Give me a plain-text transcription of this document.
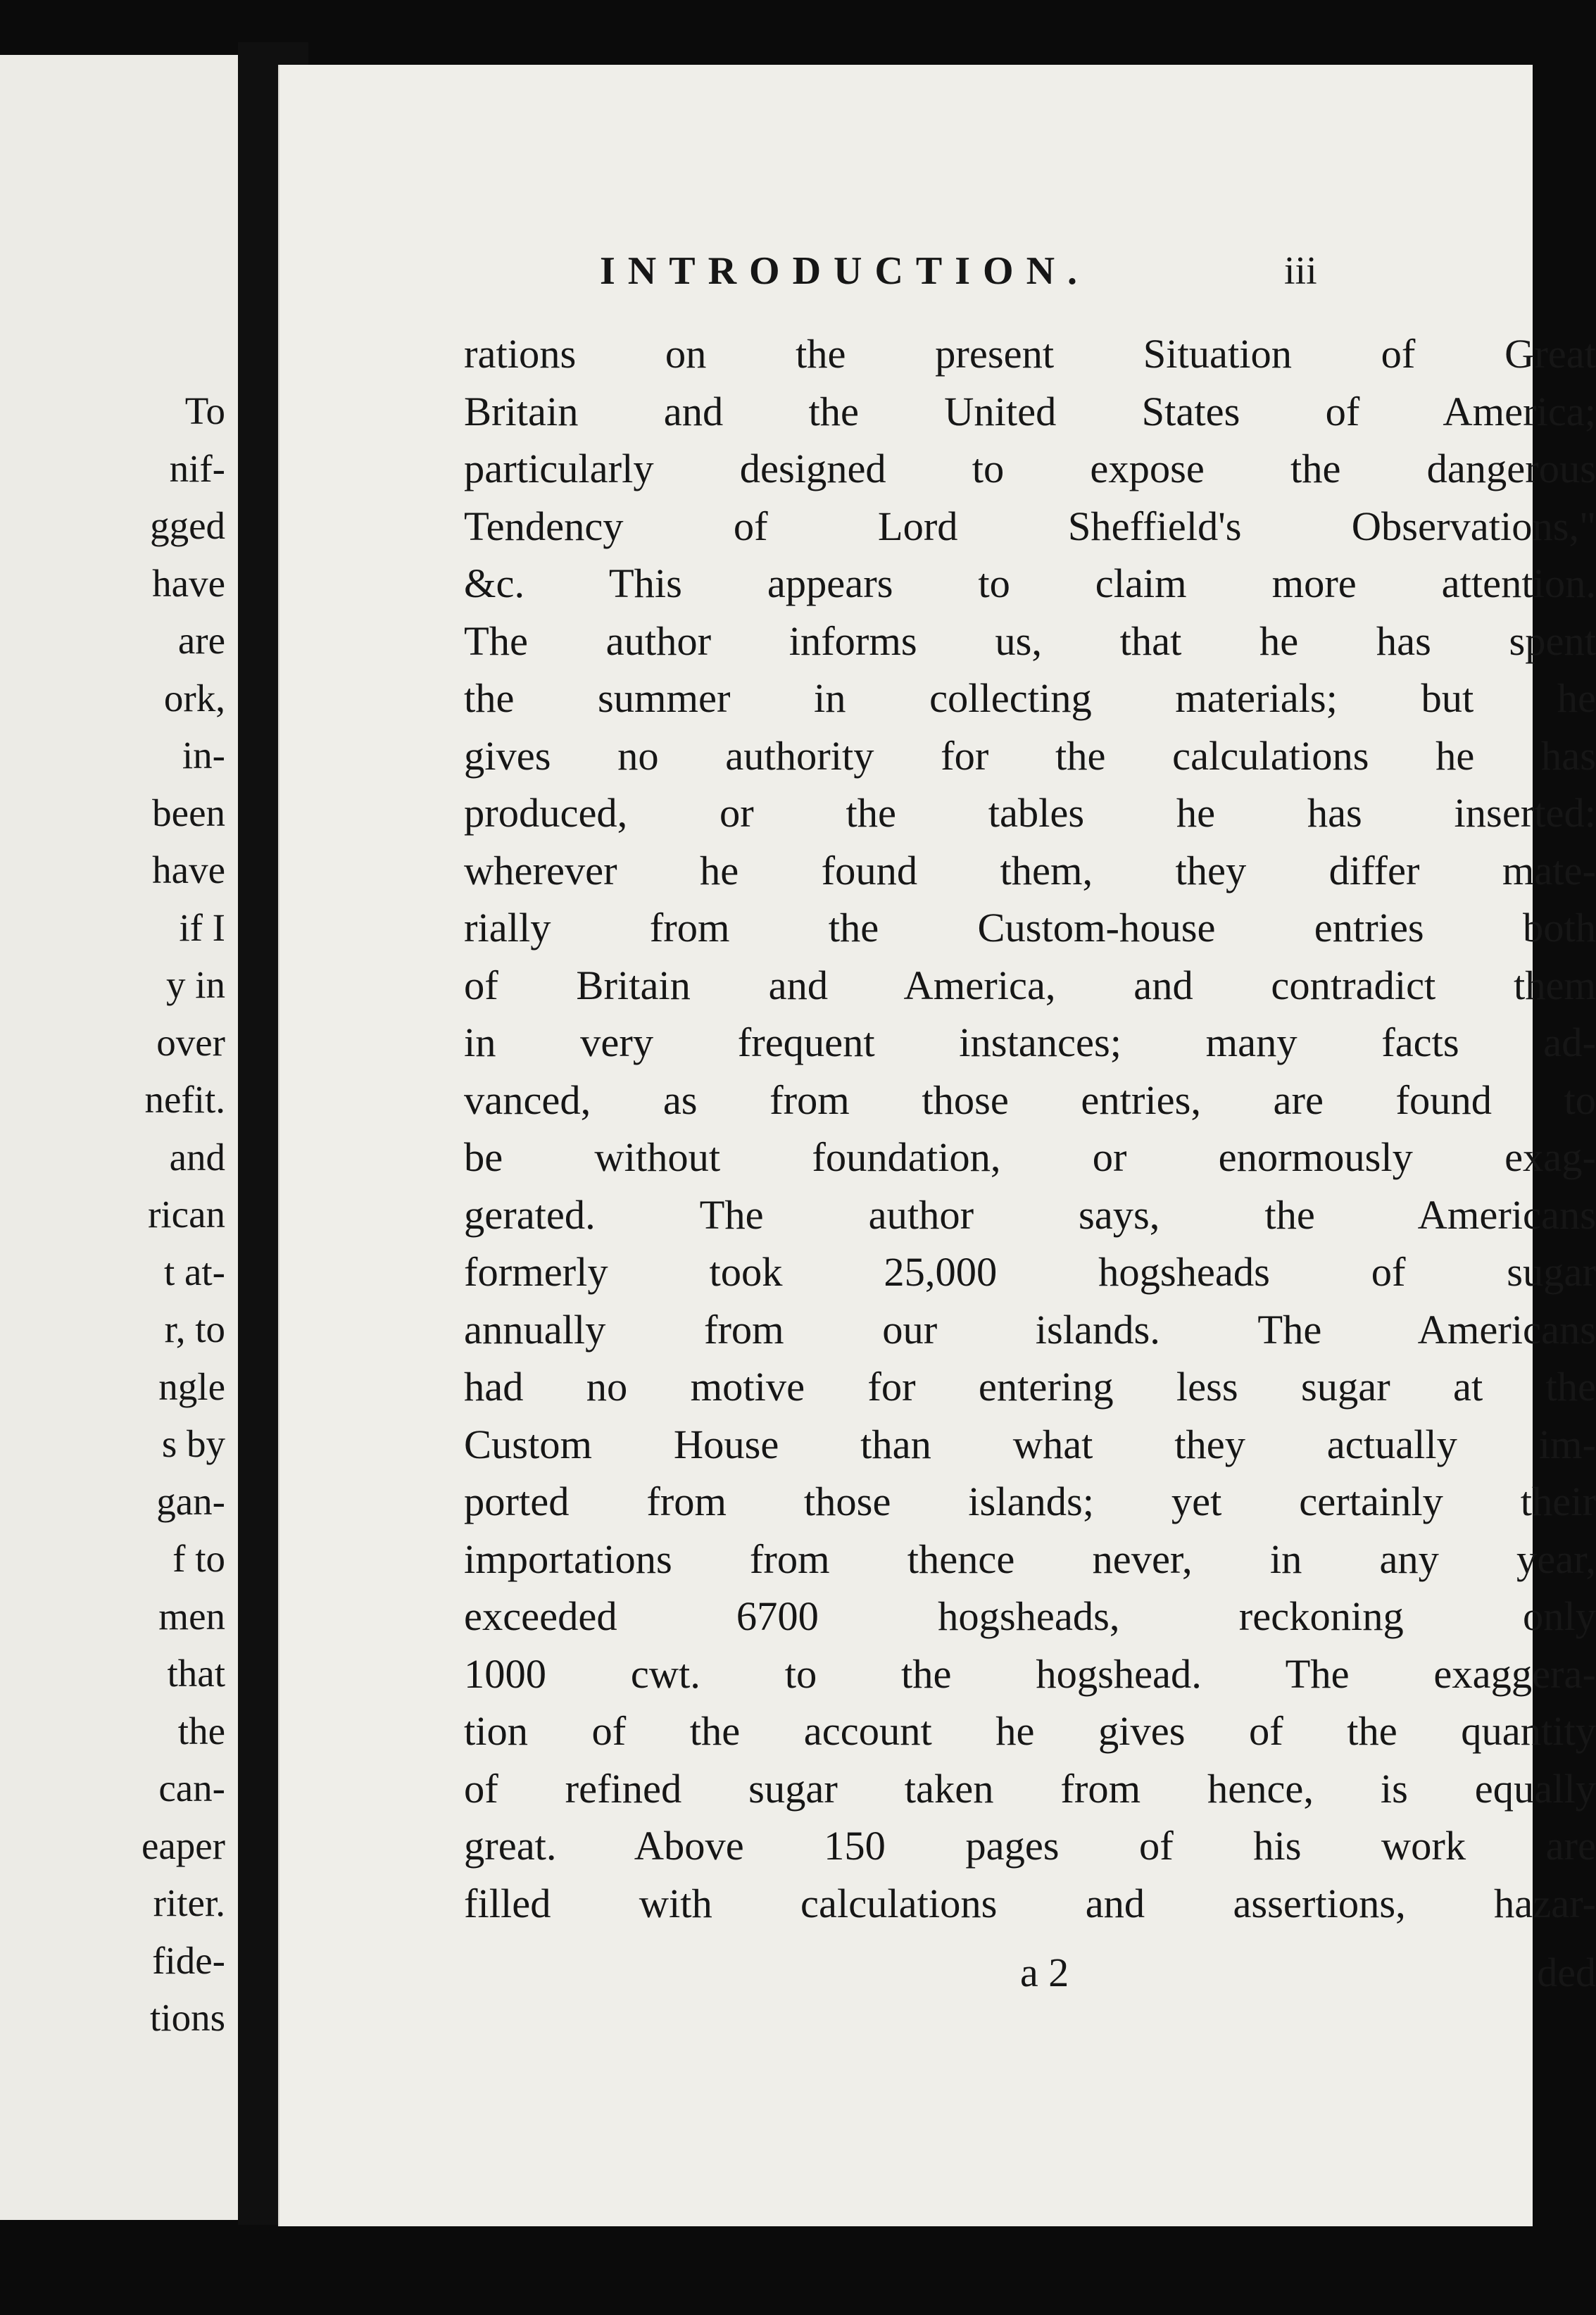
To
nif-
gged
have
are
ork,
in-
been
have
if I
y in
over
nefit.
and
rican
t at-
r, to
ngle
s by
gan-
f to
men
that
the
can-
eaper
riter.
fide-
tions
INTRODUCTION.	iii
rations on the present Situation of Great
Britain and the United States of America;
particularly designed to expose the dangerous
Tendency of Lord Sheffield's Observations,"
&c. This appears to claim more attention.
The author informs us, that he has spent
the summer in collecting materials; but he
gives no authority for the calculations he has
produced, or the tables he has inserted:
wherever he found them, they differ mate-
rially from the Custom-house entries both
of Britain and America, and contradict them
in very frequent instances; many facts ad-
vanced, as from those entries, are found to
be without foundation, or enormously exag-
gerated. The author says, the Americans
formerly took 25,000 hogsheads of sugar
annually from our islands. The Americans
had no motive for entering less sugar at the
Custom House than what they actually im-
ported from those islands; yet certainly their
importations from thence never, in any year,
exceeded 6700 hogsheads, reckoning only
1000 cwt. to the hogshead. The exaggera-
tion of the account he gives of the quantity
of refined sugar taken from hence, is equally
great. Above 150 pages of his work are
filled with calculations and assertions, hazar-
a 2	ded
